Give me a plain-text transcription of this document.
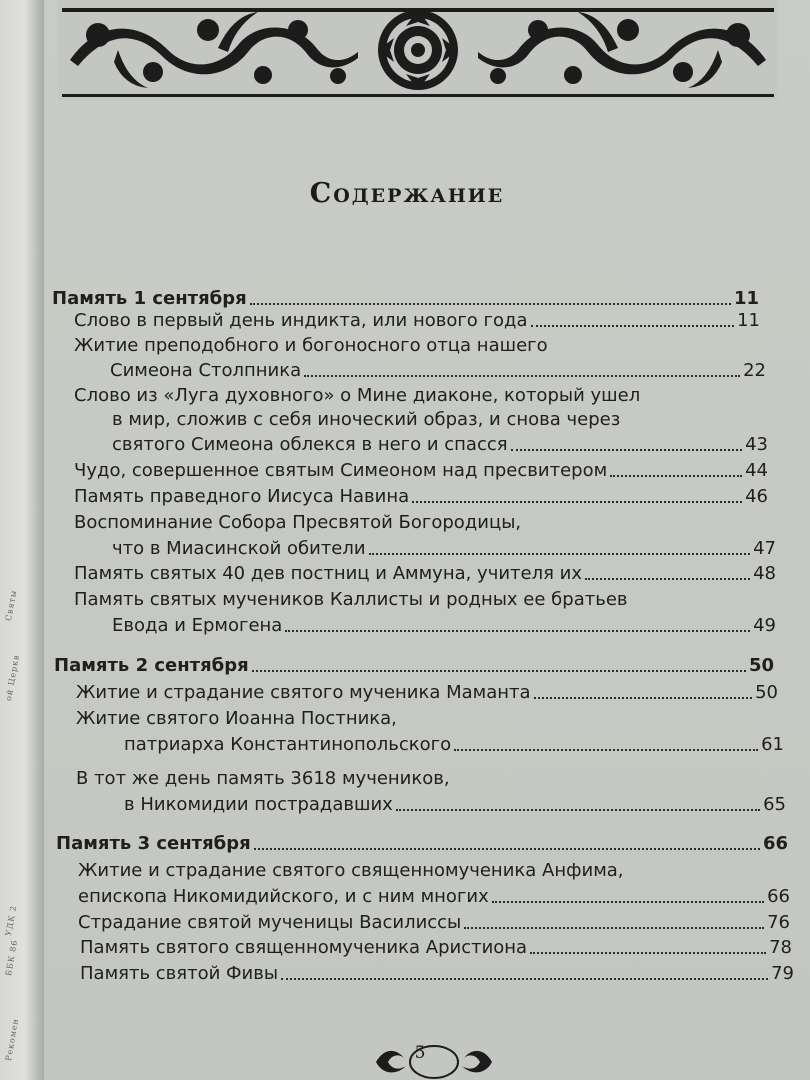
Святы
ой Церкв
УДК 2
ББК 86
Рекомен
Содержание
Память 1 сентября	11
Слово в первый день индикта, или нового года	11
Житие преподобного и богоносного отца нашего
Симеона Столпника	22
Слово из «Луга духовного» о Мине диаконе, который ушел
в мир, сложив с себя иноческий образ, и снова через
святого Симеона облекся в него и спасся	43
Чудо, совершенное святым Симеоном над пресвитером	44
Память праведного Иисуса Навина	46
Воспоминание Собора Пресвятой Богородицы,
что в Миасинской обители	47
Память святых 40 дев постниц и Аммуна, учителя их	48
Память святых мучеников Каллисты и родных ее братьев
Евода и Ермогена	49
Память 2 сентября	50
Житие и страдание святого мученика Маманта	50
Житие святого Иоанна Постника,
патриарха Константинопольского	61
В тот же день память 3618 мучеников,
в Никомидии пострадавших	65
Память 3 сентября	66
Житие и страдание святого священномученика Анфима,
епископа Никомидийского, и с ним многих	66
Страдание святой мученицы Василиссы	76
Память святого священномученика Аристиона	78
Память святой Фивы	79
5
